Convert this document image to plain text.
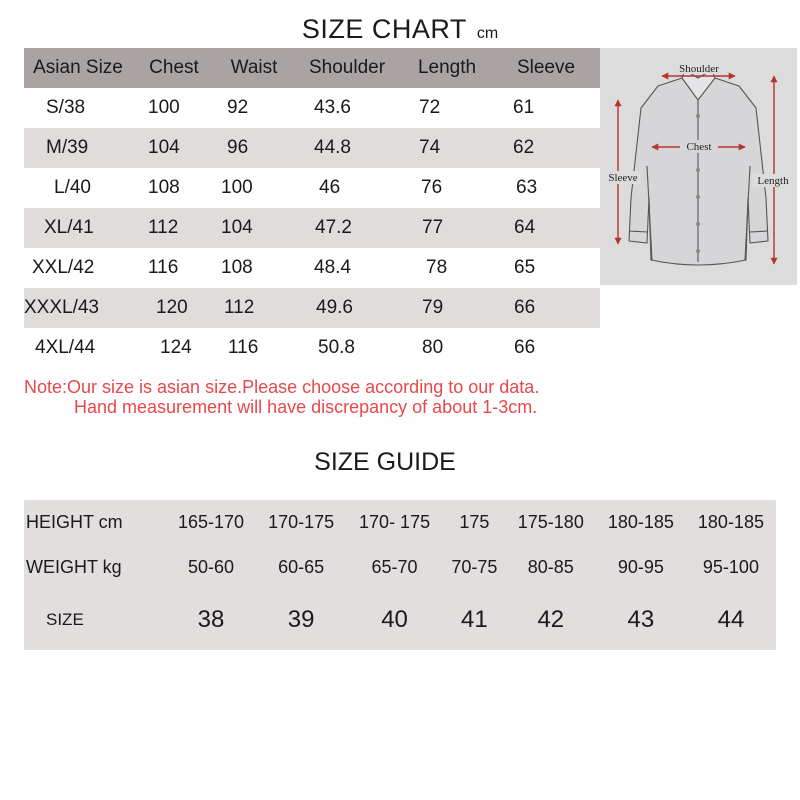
SIZE CHART cm
Asian Size	Chest	Waist	Shoulder	Length	Sleeve
S/38	100	92	43.6	72	61
M/39	104	96	44.8	74	62
L/40	108	100	46	76	63
XL/41	112	104	47.2	77	64
XXL/42	116	108	48.4	78	65
XXXL/43	120	112	49.6	79	66
4XL/44	124	116	50.8	80	66
Shoulder
Chest
Sleeve	Length
Note:Our size is asian size.Please choose according to our data.
Hand measurement will have discrepancy of about 1-3cm.
SIZE GUIDE
HEIGHT cm	165-170	170-175	170- 175	175	175-180	180-185	180-185
WEIGHT kg	50-60	60-65	65-70	70-75	80-85	90-95	95-100
SIZE	38	39	40	41	42	43	44
